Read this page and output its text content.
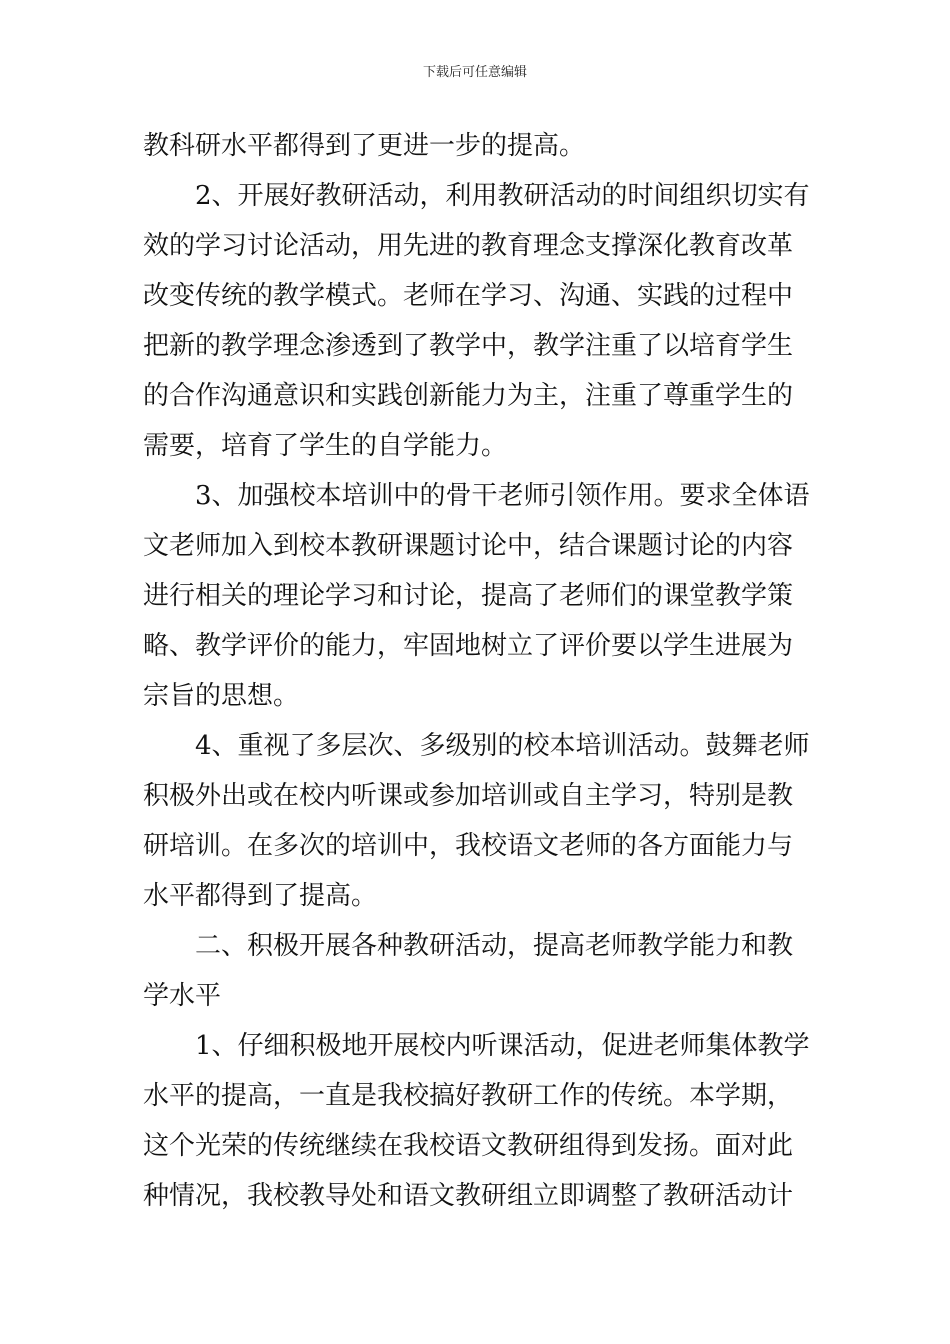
下载后可任意编辑
教科研水平都得到了更进一步的提高。
2、开展好教研活动，利用教研活动的时间组织切实有
效的学习讨论活动，用先进的教育理念支撑深化教育改革
改变传统的教学模式。老师在学习、沟通、实践的过程中
把新的教学理念渗透到了教学中，教学注重了以培育学生
的合作沟通意识和实践创新能力为主，注重了尊重学生的
需要，培育了学生的自学能力。
3、加强校本培训中的骨干老师引领作用。要求全体语
文老师加入到校本教研课题讨论中，结合课题讨论的内容
进行相关的理论学习和讨论，提高了老师们的课堂教学策
略、教学评价的能力，牢固地树立了评价要以学生进展为
宗旨的思想。
4、重视了多层次、多级别的校本培训活动。鼓舞老师
积极外出或在校内听课或参加培训或自主学习，特别是教
研培训。在多次的培训中，我校语文老师的各方面能力与
水平都得到了提高。
二、积极开展各种教研活动，提高老师教学能力和教
学水平
1、仔细积极地开展校内听课活动，促进老师集体教学
水平的提高，一直是我校搞好教研工作的传统。本学期，
这个光荣的传统继续在我校语文教研组得到发扬。面对此
种情况，我校教导处和语文教研组立即调整了教研活动计
